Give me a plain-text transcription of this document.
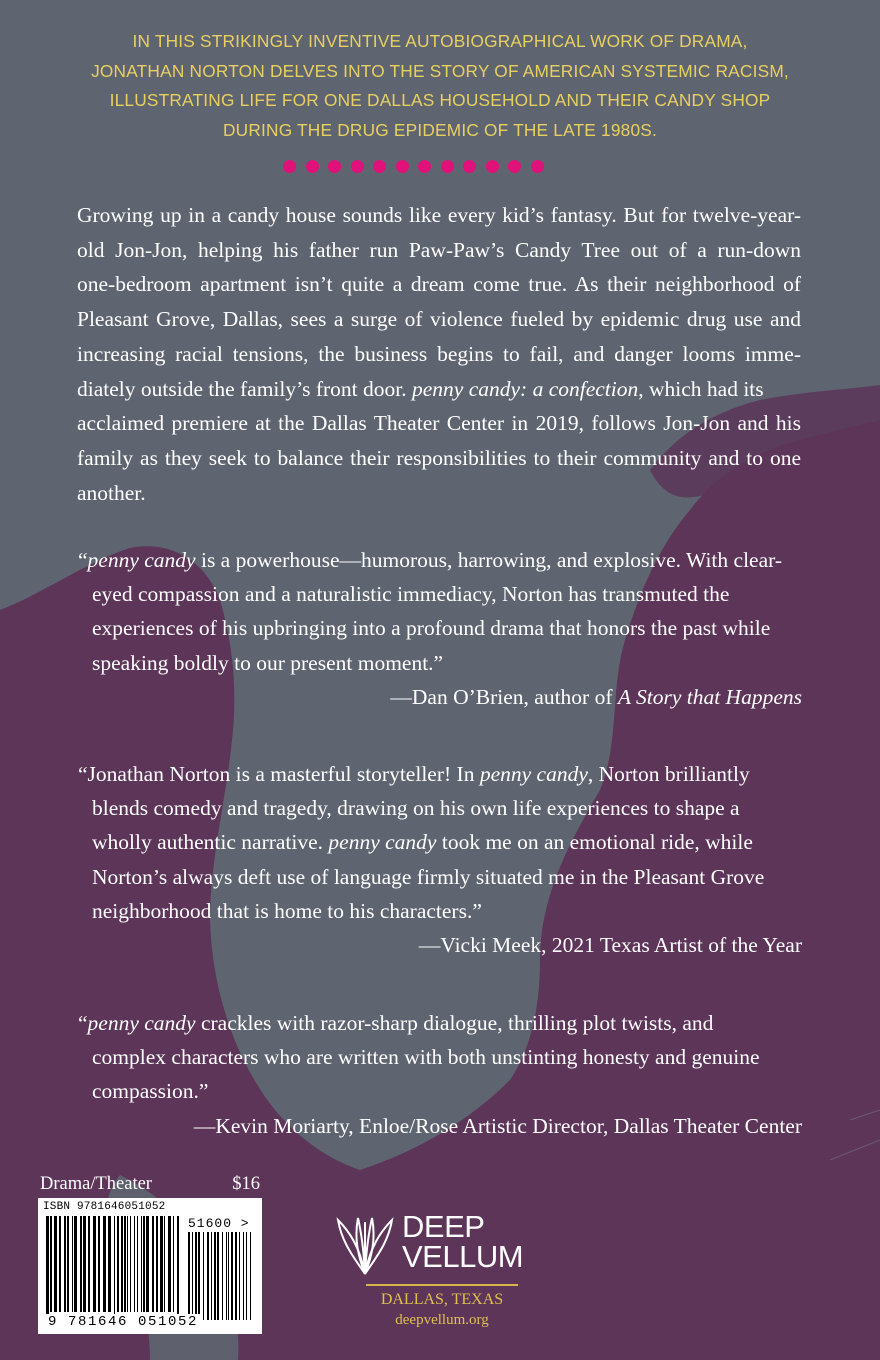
IN THIS STRIKINGLY INVENTIVE AUTOBIOGRAPHICAL WORK OF DRAMA,
JONATHAN NORTON DELVES INTO THE STORY OF AMERICAN SYSTEMIC RACISM,
ILLUSTRATING LIFE FOR ONE DALLAS HOUSEHOLD AND THEIR CANDY SHOP
DURING THE DRUG EPIDEMIC OF THE LATE 1980S.
Growing up in a candy house sounds like every kid’s fantasy. But for twelve-year-
old Jon-Jon, helping his father run Paw-Paw’s Candy Tree out of a run-down
one-bedroom apartment isn’t quite a dream come true. As their neighborhood of
Pleasant Grove, Dallas, sees a surge of violence fueled by epidemic drug use and
increasing racial tensions, the business begins to fail, and danger looms imme-
diately outside the family’s front door. penny candy: a confection, which had its
acclaimed premiere at the Dallas Theater Center in 2019, follows Jon-Jon and his
family as they seek to balance their responsibilities to their community and to one
another.
“penny candy is a powerhouse—humorous, harrowing, and explosive. With clear-
eyed compassion and a naturalistic immediacy, Norton has transmuted the
experiences of his upbringing into a profound drama that honors the past while
speaking boldly to our present moment.”
—Dan O’Brien, author of A Story that Happens
“Jonathan Norton is a masterful storyteller! In penny candy, Norton brilliantly
blends comedy and tragedy, drawing on his own life experiences to shape a
wholly authentic narrative. penny candy took me on an emotional ride, while
Norton’s always deft use of language firmly situated me in the Pleasant Grove
neighborhood that is home to his characters.”
—Vicki Meek, 2021 Texas Artist of the Year
“penny candy crackles with razor-sharp dialogue, thrilling plot twists, and
complex characters who are written with both unstinting honesty and genuine
compassion.”
—Kevin Moriarty, Enloe/Rose Artistic Director, Dallas Theater Center
Drama/Theater	$16
ISBN 9781646051052
51600 >
9 781646 051052
DEEP
VELLUM
DALLAS, TEXAS
deepvellum.org
